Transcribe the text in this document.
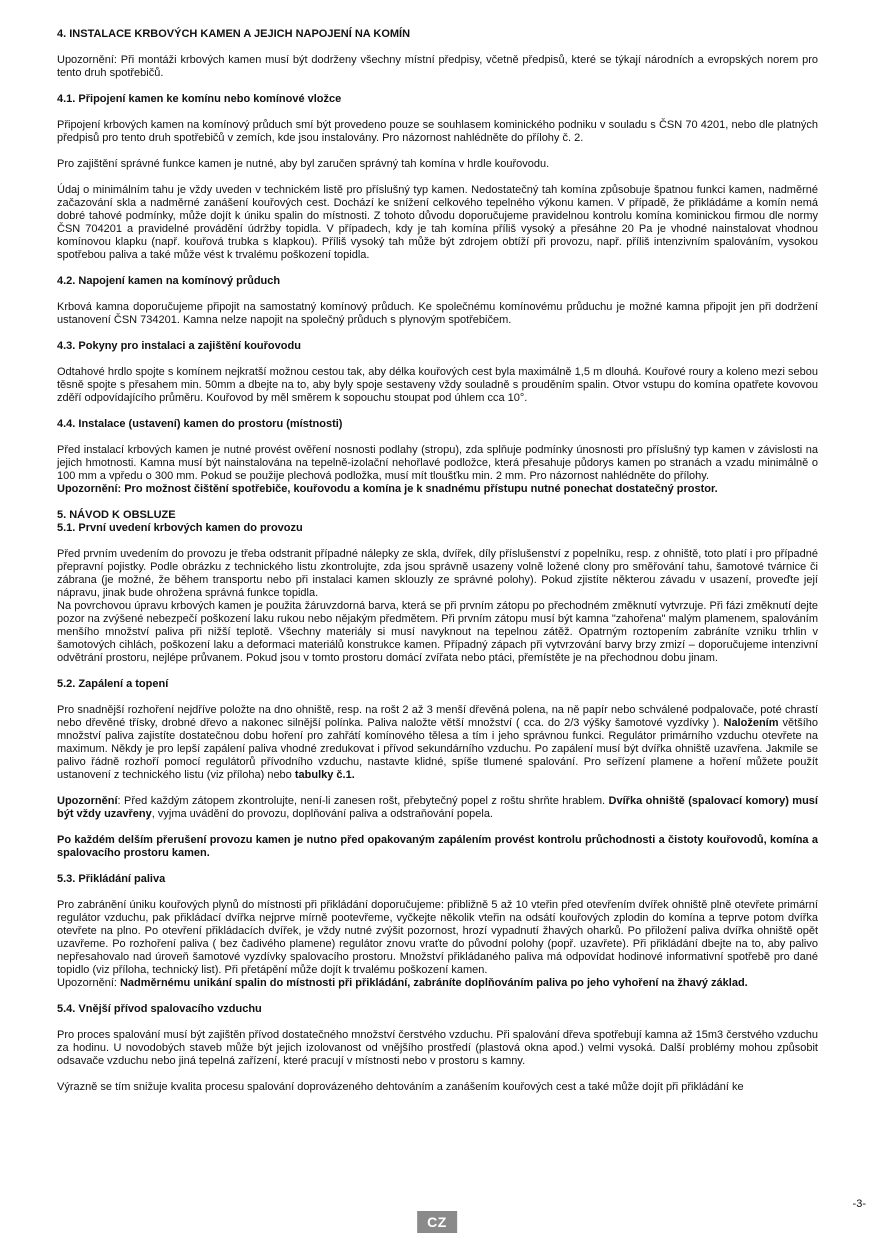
4. INSTALACE KRBOVÝCH KAMEN A JEJICH NAPOJENÍ NA KOMÍN

Upozornění: Při montáži krbových kamen musí být dodrženy všechny místní předpisy, včetně předpisů, které se týkají národních a evropských norem pro tento druh spotřebičů.

4.1. Připojení kamen ke komínu nebo komínové vložce

Připojení krbových kamen na komínový průduch smí být provedeno pouze se souhlasem kominického podniku v souladu s ČSN 70 4201, nebo dle platných předpisů pro tento druh spotřebičů v zemích, kde jsou instalovány. Pro názornost nahlédněte do přílohy č. 2.

Pro zajištění správné funkce kamen je nutné, aby byl zaručen správný tah komína v hrdle kouřovodu.

Údaj o minimálním tahu je vždy uveden v technickém listě pro příslušný typ kamen. Nedostatečný tah komína způsobuje špatnou funkci kamen, nadměrné začazování skla a nadměrné zanášení kouřových cest. Dochází ke snížení celkového tepelného výkonu kamen. V případě, že přikládáme a komín nemá dobré tahové podmínky, může dojít k úniku spalin do místnosti. Z tohoto důvodu doporučujeme pravidelnou kontrolu komína kominickou firmou dle normy ČSN 704201 a pravidelné provádění údržby topidla. V případech, kdy je tah komína příliš vysoký a přesáhne 20 Pa je vhodné nainstalovat vhodnou komínovou klapku (např. kouřová trubka s klapkou). Příliš vysoký tah může být zdrojem obtíží při provozu, např. příliš intenzivním spalováním, vysokou spotřebou paliva a také může vést k trvalému poškození topidla.

4.2. Napojení kamen na komínový průduch

Krbová kamna doporučujeme připojit na samostatný komínový průduch. Ke společnému komínovému průduchu je možné kamna připojit jen při dodržení ustanovení ČSN 734201. Kamna nelze napojit na společný průduch s plynovým spotřebičem.

4.3. Pokyny pro instalaci a zajištění kouřovodu

Odtahové hrdlo spojte s komínem nejkratší možnou cestou tak, aby délka kouřových cest byla maximálně 1,5 m dlouhá. Kouřové roury a koleno mezi sebou těsně spojte s přesahem min. 50mm a dbejte na to, aby byly spoje sestaveny vždy souladně s prouděním spalin. Otvor vstupu do komína opatřete kovovou zděří odpovídajícího průměru. Kouřovod by měl směrem k sopouchu stoupat pod úhlem cca 10°.

4.4. Instalace (ustavení) kamen do prostoru (místnosti)

Před instalací krbových kamen je nutné provést ověření nosnosti podlahy (stropu), zda splňuje podmínky únosnosti pro příslušný typ kamen v závislosti na jejich hmotnosti. Kamna musí být nainstalována na tepelně-izolační nehořlavé podložce, která přesahuje půdorys kamen po stranách a vzadu minimálně o 100 mm a vpředu o 300 mm. Pokud se použije plechová podložka, musí mít tloušťku min. 2 mm. Pro názornost nahlédněte do přílohy.

Upozornění: Pro možnost čištění spotřebiče, kouřovodu a komína je k snadnému přístupu nutné ponechat dostatečný prostor.

5. NÁVOD K OBSLUZE
5.1. První uvedení krbových kamen do provozu

Před prvním uvedením do provozu je třeba odstranit případné nálepky ze skla, dvířek, díly příslušenství z popelníku, resp. z ohniště, toto platí i pro případné přepravní pojistky. Podle obrázku z technického listu zkontrolujte, zda jsou správně usazeny volně ložené clony pro směřování tahu, šamotové tvárnice či zábrana (je možné, že během transportu nebo při instalaci kamen sklouzly ze správné polohy). Pokud zjistíte některou závadu v usazení, proveďte její nápravu, jinak bude ohrožena správná funkce topidla.

Na povrchovou úpravu krbových kamen je použita žáruvzdorná barva, která se při prvním zátopu po přechodném změknutí vytvrzuje. Při fázi změknutí dejte pozor na zvýšené nebezpečí poškození laku rukou nebo nějakým předmětem. Při prvním zátopu musí být kamna "zahořena" malým plamenem, spalováním menšího množství paliva při nižší teplotě. Všechny materiály si musí navyknout na tepelnou zátěž. Opatrným roztopením zabráníte vzniku trhlin v šamotových cihlách, poškození laku a deformaci materiálů konstrukce kamen. Případný zápach při vytvrzování barvy brzy zmizí – doporučujeme intenzivní odvětrání prostoru, nejlépe průvanem. Pokud jsou v tomto prostoru domácí zvířata nebo ptáci, přemístěte je na přechodnou dobu jinam.

5.2. Zapálení a topení

Pro snadnější rozhoření nejdříve položte na dno ohniště, resp. na rošt 2 až 3 menší dřevěná polena, na ně papír nebo schválené podpalovače, poté chrastí nebo dřevěné třísky, drobné dřevo a nakonec silnější polínka. Paliva naložte větší množství ( cca. do 2/3 výšky šamotové vyzdívky ). Naložením většího množství paliva zajistíte dostatečnou dobu hoření pro zahřátí komínového tělesa a tím i jeho správnou funkci. Regulátor primárního vzduchu otevřete na maximum. Někdy je pro lepší zapálení paliva vhodné zredukovat i přívod sekundárního vzduchu. Po zapálení musí být dvířka ohniště uzavřena. Jakmile se palivo řádně rozhoří pomocí regulátorů přívodního vzduchu, nastavte klidné, spíše tlumené spalování. Pro seřízení plamene a hoření můžete použít ustanovení z technického listu (viz příloha) nebo tabulky č.1.

Upozornění: Před každým zátopem zkontrolujte, není-li zanesen rošt, přebytečný popel z roštu shrňte hrablem. Dvířka ohniště (spalovací komory) musí být vždy uzavřeny, vyjma uvádění do provozu, doplňování paliva a odstraňování popela.

Po každém delším přerušení provozu kamen je nutno před opakovaným zapálením provést kontrolu průchodnosti a čistoty kouřovodů, komína a spalovacího prostoru kamen.

5.3. Přikládání paliva

Pro zabránění úniku kouřových plynů do místnosti při přikládání doporučujeme: přibližně 5 až 10 vteřin před otevřením dvířek ohniště plně otevřete primární regulátor vzduchu, pak přikládací dvířka nejprve mírně pootevřeme, vyčkejte několik vteřin na odsátí kouřových zplodin do komína a teprve potom dvířka otevřete na plno. Po otevření přikládacích dvířek, je vždy nutné zvýšit pozornost, hrozí vypadnutí žhavých oharků. Po přiložení paliva dvířka ohniště opět uzavřeme. Po rozhoření paliva ( bez čadivého plamene) regulátor znovu vraťte do původní polohy (popř. uzavřete). Při přikládání dbejte na to, aby palivo nepřesahovalo nad úroveň šamotové vyzdívky spalovacího prostoru. Množství přikládaného paliva má odpovídat hodinové informativní spotřebě pro dané topidlo (viz příloha, technický list). Při přetápění může dojít k trvalému poškození kamen.

Upozornění: Nadměrnému unikání spalin do místnosti při přikládání, zabráníte doplňováním paliva po jeho vyhoření na žhavý základ.

5.4. Vnější přívod spalovacího vzduchu

Pro proces spalování musí být zajištěn přívod dostatečného množství čerstvého vzduchu. Při spalování dřeva spotřebují kamna až 15m3 čerstvého vzduchu za hodinu. U novodobých staveb může být jejich izolovanost od vnějšího prostředí (plastová okna apod.) velmi vysoká. Další problémy mohou způsobit odsavače vzduchu nebo jiná tepelná zařízení, které pracují v místnosti nebo v prostoru s kamny.

Výrazně se tím snižuje kvalita procesu spalování doprovázeného dehtováním a zanášením kouřových cest a také může dojít při přikládání ke

CZ
-3-
